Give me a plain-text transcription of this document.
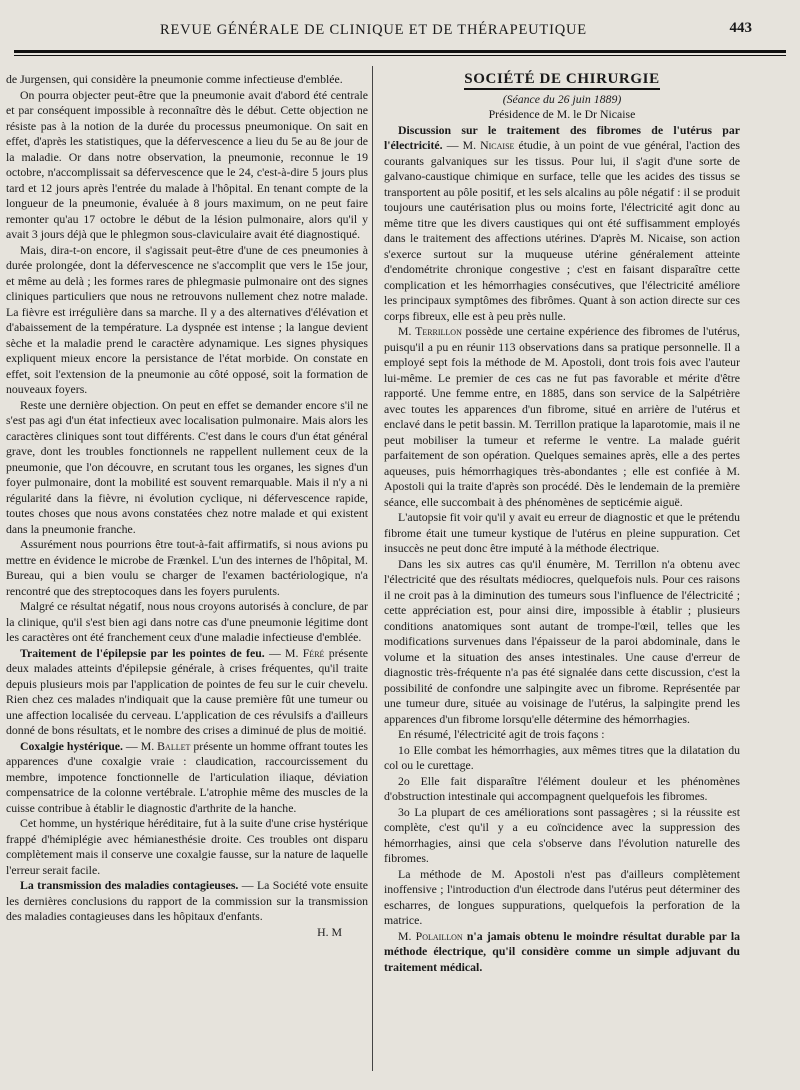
REVUE GÉNÉRALE DE CLINIQUE ET DE THÉRAPEUTIQUE	443

de Jurgensen, qui considère la pneumonie comme infectieuse d'emblée.

On pourra objecter peut-être que la pneumonie avait d'abord été centrale et par conséquent impossible à reconnaître dès le début. Cette objection ne résiste pas à la notion de la durée du processus pneumonique. On sait en effet, d'après les statistiques, que la défervescence a lieu du 5e au 8e jour de la maladie. Or dans notre observation, la pneumonie, reconnue le 19 octobre, n'accomplissait sa défervescence que le 24, c'est-à-dire 5 jours plus tard et 12 jours après l'entrée du malade à l'hôpital. En tenant compte de la longueur de la pneumonie, évaluée à 8 jours maximum, on ne peut faire remonter qu'au 17 octobre le début de la lésion pulmonaire, alors qu'il y avait 3 jours déjà que le phlegmon sous-claviculaire avait été diagnostiqué.

Mais, dira-t-on encore, il s'agissait peut-être d'une de ces pneumonies à durée prolongée, dont la défervescence ne s'accomplit que vers le 15e jour, et même au delà ; les formes rares de phlegmasie pulmonaire ont des signes cliniques particuliers que nous ne retrouvons nullement chez notre malade. La fièvre est irrégulière dans sa marche. Il y a des alternatives d'élévation et d'abaissement de la température. La dyspnée est intense ; la langue devient sèche et la maladie prend le caractère adynamique. Les signes physiques expliquent mieux encore la persistance de l'état morbide. On constate en effet, soit l'extension de la pneumonie au côté opposé, soit la formation de nouveaux foyers.

Reste une dernière objection. On peut en effet se demander encore s'il ne s'est pas agi d'un état infectieux avec localisation pulmonaire. Mais alors les caractères cliniques sont tout différents. C'est dans le cours d'un état général grave, dont les troubles fonctionnels ne rappellent nullement ceux de la pneumonie, que l'on découvre, en scrutant tous les organes, les signes d'un foyer pulmonaire, dont la mobilité est souvent remarquable. Mais il n'y a ni régularité dans la fièvre, ni évolution cyclique, ni défervescence rapide, toutes choses que nous avons constatées chez notre malade et qui existent dans la pneumonie franche.

Assurément nous pourrions être tout-à-fait affirmatifs, si nous avions pu mettre en évidence le microbe de Frænkel. L'un des internes de l'hôpital, M. Bureau, qui a bien voulu se charger de l'examen bactériologique, n'a rencontré que des streptocoques dans les foyers purulents.

Malgré ce résultat négatif, nous nous croyons autorisés à conclure, de par la clinique, qu'il s'est bien agi dans notre cas d'une pneumonie légitime dont les caractères ont été franchement ceux d'une maladie infectieuse d'emblée.

Traitement de l'épilepsie par les pointes de feu. — M. Féré présente deux malades atteints d'épilepsie générale, à crises fréquentes, qu'il traite depuis plusieurs mois par l'application de pointes de feu sur le cuir chevelu. Rien chez ces malades n'indiquait que la cause première fût une tumeur ou une affection localisée du cerveau. L'application de ces révulsifs a d'ailleurs donné de bons résultats, et le nombre des crises a diminué de plus de moitié.

Coxalgie hystérique. — M. Ballet présente un homme offrant toutes les apparences d'une coxalgie vraie : claudication, raccourcissement du membre, impotence fonctionnelle de l'articulation iliaque, déviation compensatrice de la colonne vertébrale. L'atrophie même des muscles de la cuisse contribue à établir le diagnostic d'arthrite de la hanche.

Cet homme, un hystérique héréditaire, fut à la suite d'une crise hystérique frappé d'hémiplégie avec hémianesthésie droite. Ces troubles ont disparu complètement mais il conserve une coxalgie fausse, sur la nature de laquelle l'erreur serait facile.

La transmission des maladies contagieuses. — La Société vote ensuite les dernières conclusions du rapport de la commission sur la transmission des maladies contagieuses dans les hôpitaux d'enfants.

H. M

SOCIÉTÉ DE CHIRURGIE

(Séance du 26 juin 1889)

Présidence de M. le Dr Nicaise

Discussion sur le traitement des fibromes de l'utérus par l'électricité. — M. Nicaise étudie, à un point de vue général, l'action des courants galvaniques sur les tissus. Pour lui, il s'agit d'une sorte de galvano-caustique chimique en surface, telle que les acides des tissus se transportent au pôle positif, et les sels alcalins au pôle négatif : il se produit toujours une cautérisation plus ou moins forte, l'électricité agit donc au même titre que les divers caustiques qui ont été suffisamment employés dans le traitement des affections utérines. D'après M. Nicaise, son action s'exerce surtout sur la muqueuse utérine généralement atteinte d'endométrite chronique congestive ; c'est en faisant disparaître cette complication et les hémorrhagies consécutives, que l'électricité améliore les principaux symptômes des fibrômes. Quant à son action directe sur ces corps fibreux, elle est à peu près nulle.

M. Terrillon possède une certaine expérience des fibromes de l'utérus, puisqu'il a pu en réunir 113 observations dans sa pratique personnelle. Il a employé sept fois la méthode de M. Apostoli, dont trois fois avec l'auteur lui-même. Le premier de ces cas ne fut pas favorable et mérite d'être rapporté. Une femme entre, en 1885, dans son service de la Salpétrière avec toutes les apparences d'un fibrome, situé en arrière de l'utérus et enclavé dans le petit bassin. M. Terrillon pratique la laparotomie, mais il ne peut mobiliser la tumeur et referme le ventre. La malade guérit parfaitement de son opération. Quelques semaines après, elle a des pertes aqueuses, puis hémorrhagiques très-abondantes ; elle est confiée à M. Apostoli qui la traite d'après son procédé. Dès le lendemain de la première séance, elle succombait à des phénomènes de septicémie aiguë.

L'autopsie fit voir qu'il y avait eu erreur de diagnostic et que le prétendu fibrome était une tumeur kystique de l'utérus en pleine suppuration. Cet insuccès ne peut donc être imputé à la méthode électrique.

Dans les six autres cas qu'il énumère, M. Terrillon n'a obtenu avec l'électricité que des résultats médiocres, quelquefois nuls. Pour ces raisons il ne croit pas à la diminution des tumeurs sous l'influence de l'électricité ; cette appréciation est, pour ainsi dire, impossible à établir ; plusieurs conditions anatomiques sont autant de trompe-l'œil, telles que les modifications survenues dans l'épaisseur de la paroi abdominale, dans le volume et la situation des anses intestinales. Une cause d'erreur de diagnostic très-fréquente n'a pas été signalée dans cette discussion, c'est la possibilité de confondre une salpingite avec un fibrome. Représentée par une tumeur dure, située au voisinage de l'utérus, la salpingite prend les apparences d'un fibrome lorsqu'elle détermine des hémorrhagies.

En résumé, l'électricité agit de trois façons :

1o Elle combat les hémorrhagies, aux mêmes titres que la dilatation du col ou le curettage.

2o Elle fait disparaître l'élément douleur et les phénomènes d'obstruction intestinale qui accompagnent quelquefois les fibromes.

3o La plupart de ces améliorations sont passagères ; si la réussite est complète, c'est qu'il y a eu coïncidence avec la suppression des hémorrhagies, ainsi que cela s'observe dans l'évolution naturelle des fibromes.

La méthode de M. Apostoli n'est pas d'ailleurs complètement inoffensive ; l'introduction d'un électrode dans l'utérus peut déterminer des escharres, de longues suppurations, quelquefois la perforation de la matrice.

M. Polaillon n'a jamais obtenu le moindre résultat durable par la méthode électrique, qu'il considère comme un simple adjuvant du traitement médical.
